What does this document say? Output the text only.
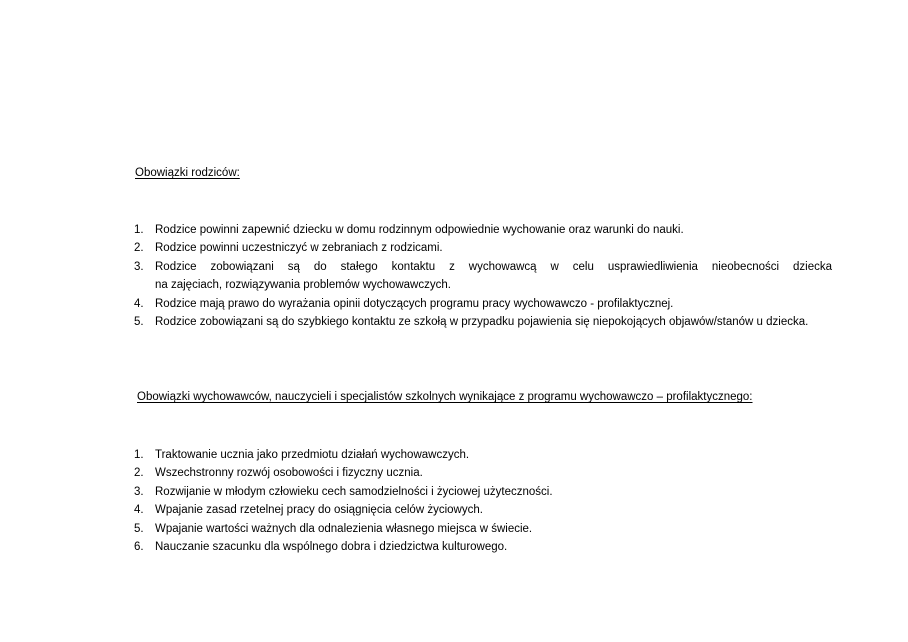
Obowiązki rodziców:
1. Rodzice powinni zapewnić dziecku w domu rodzinnym odpowiednie wychowanie oraz warunki do nauki.
2. Rodzice powinni uczestniczyć w zebraniach z rodzicami.
3. Rodzice zobowiązani są do stałego kontaktu z wychowawcą w celu usprawiedliwienia nieobecności dziecka
na zajęciach, rozwiązywania problemów wychowawczych.
4. Rodzice mają prawo do wyrażania opinii dotyczących programu pracy wychowawczo - profilaktycznej.
5. Rodzice zobowiązani są do szybkiego kontaktu ze szkołą w przypadku pojawienia się niepokojących objawów/stanów u dziecka.
Obowiązki wychowawców, nauczycieli i specjalistów szkolnych wynikające z programu wychowawczo – profilaktycznego:
1. Traktowanie ucznia jako przedmiotu działań wychowawczych.
2. Wszechstronny rozwój osobowości i fizyczny ucznia.
3. Rozwijanie w młodym człowieku cech samodzielności i życiowej użyteczności.
4. Wpajanie zasad rzetelnej pracy do osiągnięcia celów życiowych.
5. Wpajanie wartości ważnych dla odnalezienia własnego miejsca w świecie.
6. Nauczanie szacunku dla wspólnego dobra i dziedzictwa kulturowego.
